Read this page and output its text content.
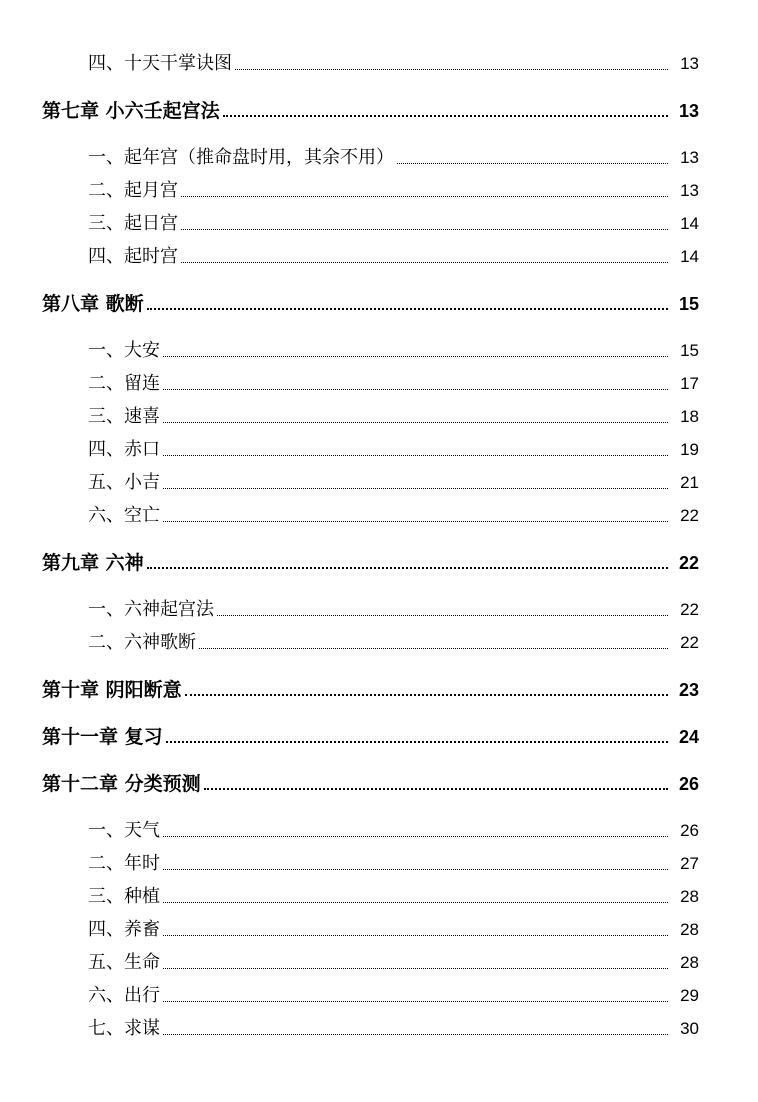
四、十天干掌诀图	13
第七章 小六壬起宫法	13
一、起年宫（推命盘时用，其余不用）	13
二、起月宫	13
三、起日宫	14
四、起时宫	14
第八章 歌断	15
一、大安	15
二、留连	17
三、速喜	18
四、赤口	19
五、小吉	21
六、空亡	22
第九章 六神	22
一、六神起宫法	22
二、六神歌断	22
第十章 阴阳断意	23
第十一章 复习	24
第十二章 分类预测	26
一、天气	26
二、年时	27
三、种植	28
四、养畜	28
五、生命	28
六、出行	29
七、求谋	30
